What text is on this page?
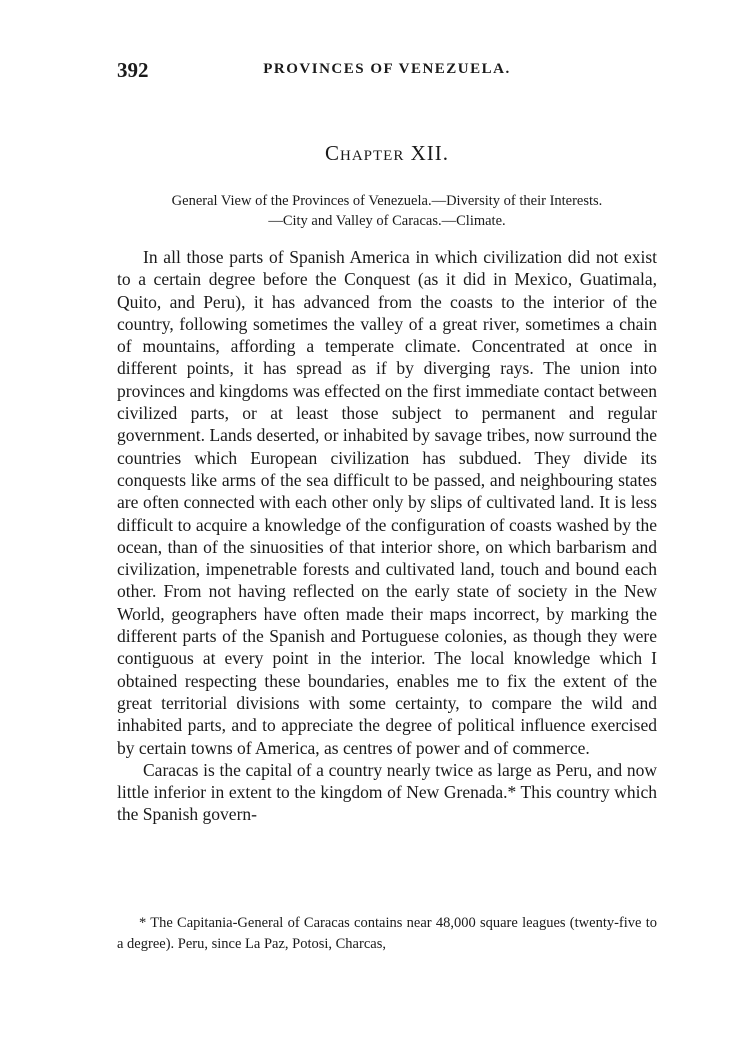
392	PROVINCES OF VENEZUELA.
Chapter XII.
General View of the Provinces of Venezuela.—Diversity of their Interests.
—City and Valley of Caracas.—Climate.

In all those parts of Spanish America in which civilization did not exist to a certain degree before the Conquest (as it did in Mexico, Guatimala, Quito, and Peru), it has advanced from the coasts to the interior of the country, following sometimes the valley of a great river, sometimes a chain of mountains, affording a temperate climate. Concentrated at once in different points, it has spread as if by diverging rays. The union into provinces and kingdoms was effected on the first immediate contact between civilized parts, or at least those subject to permanent and regular government. Lands deserted, or inhabited by savage tribes, now surround the countries which European civilization has subdued. They divide its conquests like arms of the sea difficult to be passed, and neighbouring states are often connected with each other only by slips of cultivated land. It is less difficult to acquire a knowledge of the configuration of coasts washed by the ocean, than of the sinuosities of that interior shore, on which barbarism and civilization, impenetrable forests and cultivated land, touch and bound each other. From not having reflected on the early state of society in the New World, geographers have often made their maps incorrect, by marking the different parts of the Spanish and Portuguese colonies, as though they were contiguous at every point in the interior. The local knowledge which I obtained respecting these boundaries, enables me to fix the extent of the great territorial divisions with some certainty, to compare the wild and inhabited parts, and to appreciate the degree of political influence exercised by certain towns of America, as centres of power and of commerce.

Caracas is the capital of a country nearly twice as large as Peru, and now little inferior in extent to the kingdom of New Grenada.* This country which the Spanish govern-

* The Capitania-General of Caracas contains near 48,000 square leagues (twenty-five to a degree). Peru, since La Paz, Potosi, Charcas,
